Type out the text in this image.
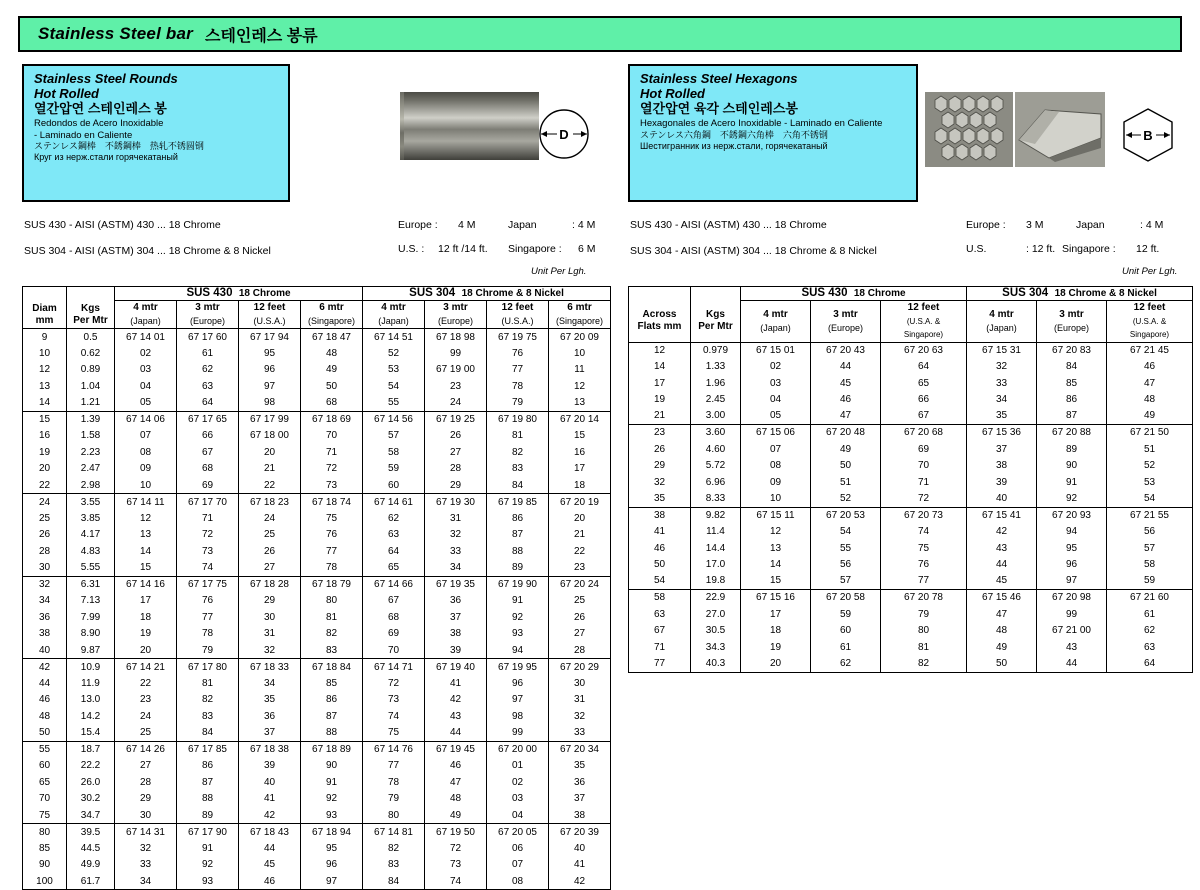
Stainless Steel bar 스테인레스 봉류
Stainless Steel Rounds
Hot Rolled
열간압연 스테인레스 봉
Redondos de Acero Inoxidable
- Laminado en Caliente
ステンレス鋼棒　不銹鋼棒　热轧不锈圆钢
Круг из нерж.стали горячекатаный
D
SUS 430 - AISI (ASTM) 430 ... 18 Chrome
SUS 304 - AISI (ASTM) 304 ... 18 Chrome & 8 Nickel
Europe : 4 M	Japan	: 4 M
U.S. : 12 ft /14 ft. Singapore : 6 M
Unit Per Lgh.
Stainless Steel Hexagons
Hot Rolled
열간압연 육각 스테인레스봉
Hexagonales de Acero Inoxidable - Laminado en Caliente
ステンレス六角鋼　不銹鋼六角棒　六角不锈钢
Шестигранник из нерж.стали, горячекатаный
B
SUS 430 - AISI (ASTM) 430 ... 18 Chrome
SUS 304 - AISI (ASTM) 304 ... 18 Chrome & 8 Nickel
Europe : 3 M	Japan	: 4 M
U.S.	: 12 ft. Singapore : 12 ft.
Unit Per Lgh.
Diam
mm	Kgs
Per Mtr	SUS 430  18 Chrome				SUS 304  18 Chrome & 8 Nickel			
		4 mtr
(Japan)	3 mtr
(Europe)	12 feet
(U.S.A.)	6 mtr
(Singapore)	4 mtr
(Japan)	3 mtr
(Europe)	12 feet
(U.S.A.)	6 mtr
(Singapore)

9	0.5	67 14 01	67 17 60	67 17 94	67 18 47	67 14 51	67 18 98	67 19 75	67 20 09
10	0.62	02	61	95	48	52	99	76	10
12	0.89	03	62	96	49	53	67 19 00	77	11
13	1.04	04	63	97	50	54	23	78	12
14	1.21	05	64	98	68	55	24	79	13
15	1.39	67 14 06	67 17 65	67 17 99	67 18 69	67 14 56	67 19 25	67 19 80	67 20 14
16	1.58	07	66	67 18 00	70	57	26	81	15
19	2.23	08	67	20	71	58	27	82	16
20	2.47	09	68	21	72	59	28	83	17
22	2.98	10	69	22	73	60	29	84	18
24	3.55	67 14 11	67 17 70	67 18 23	67 18 74	67 14 61	67 19 30	67 19 85	67 20 19
25	3.85	12	71	24	75	62	31	86	20
26	4.17	13	72	25	76	63	32	87	21
28	4.83	14	73	26	77	64	33	88	22
30	5.55	15	74	27	78	65	34	89	23
32	6.31	67 14 16	67 17 75	67 18 28	67 18 79	67 14 66	67 19 35	67 19 90	67 20 24
34	7.13	17	76	29	80	67	36	91	25
36	7.99	18	77	30	81	68	37	92	26
38	8.90	19	78	31	82	69	38	93	27
40	9.87	20	79	32	83	70	39	94	28
42	10.9	67 14 21	67 17 80	67 18 33	67 18 84	67 14 71	67 19 40	67 19 95	67 20 29
44	11.9	22	81	34	85	72	41	96	30
46	13.0	23	82	35	86	73	42	97	31
48	14.2	24	83	36	87	74	43	98	32
50	15.4	25	84	37	88	75	44	99	33
55	18.7	67 14 26	67 17 85	67 18 38	67 18 89	67 14 76	67 19 45	67 20 00	67 20 34
60	22.2	27	86	39	90	77	46	01	35
65	26.0	28	87	40	91	78	47	02	36
70	30.2	29	88	41	92	79	48	03	37
75	34.7	30	89	42	93	80	49	04	38
80	39.5	67 14 31	67 17 90	67 18 43	67 18 94	67 14 81	67 19 50	67 20 05	67 20 39
85	44.5	32	91	44	95	82	72	06	40
90	49.9	33	92	45	96	83	73	07	41
100	61.7	34	93	46	97	84	74	08	42
Across
Flats mm	Kgs
Per Mtr	SUS 430  18 Chrome			SUS 304  18 Chrome & 8 Nickel		
		4 mtr
(Japan)	3 mtr
(Europe)	12 feet
(U.S.A. &
Singapore)	4 mtr
(Japan)	3 mtr
(Europe)	12 feet
(U.S.A. &
Singapore)

12	0.979	67 15 01	67 20 43	67 20 63	67 15 31	67 20 83	67 21 45
14	1.33	02	44	64	32	84	46
17	1.96	03	45	65	33	85	47
19	2.45	04	46	66	34	86	48
21	3.00	05	47	67	35	87	49
23	3.60	67 15 06	67 20 48	67 20 68	67 15 36	67 20 88	67 21 50
26	4.60	07	49	69	37	89	51
29	5.72	08	50	70	38	90	52
32	6.96	09	51	71	39	91	53
35	8.33	10	52	72	40	92	54
38	9.82	67 15 11	67 20 53	67 20 73	67 15 41	67 20 93	67 21 55
41	11.4	12	54	74	42	94	56
46	14.4	13	55	75	43	95	57
50	17.0	14	56	76	44	96	58
54	19.8	15	57	77	45	97	59
58	22.9	67 15 16	67 20 58	67 20 78	67 15 46	67 20 98	67 21 60
63	27.0	17	59	79	47	99	61
67	30.5	18	60	80	48	67 21 00	62
71	34.3	19	61	81	49	43	63
77	40.3	20	62	82	50	44	64
